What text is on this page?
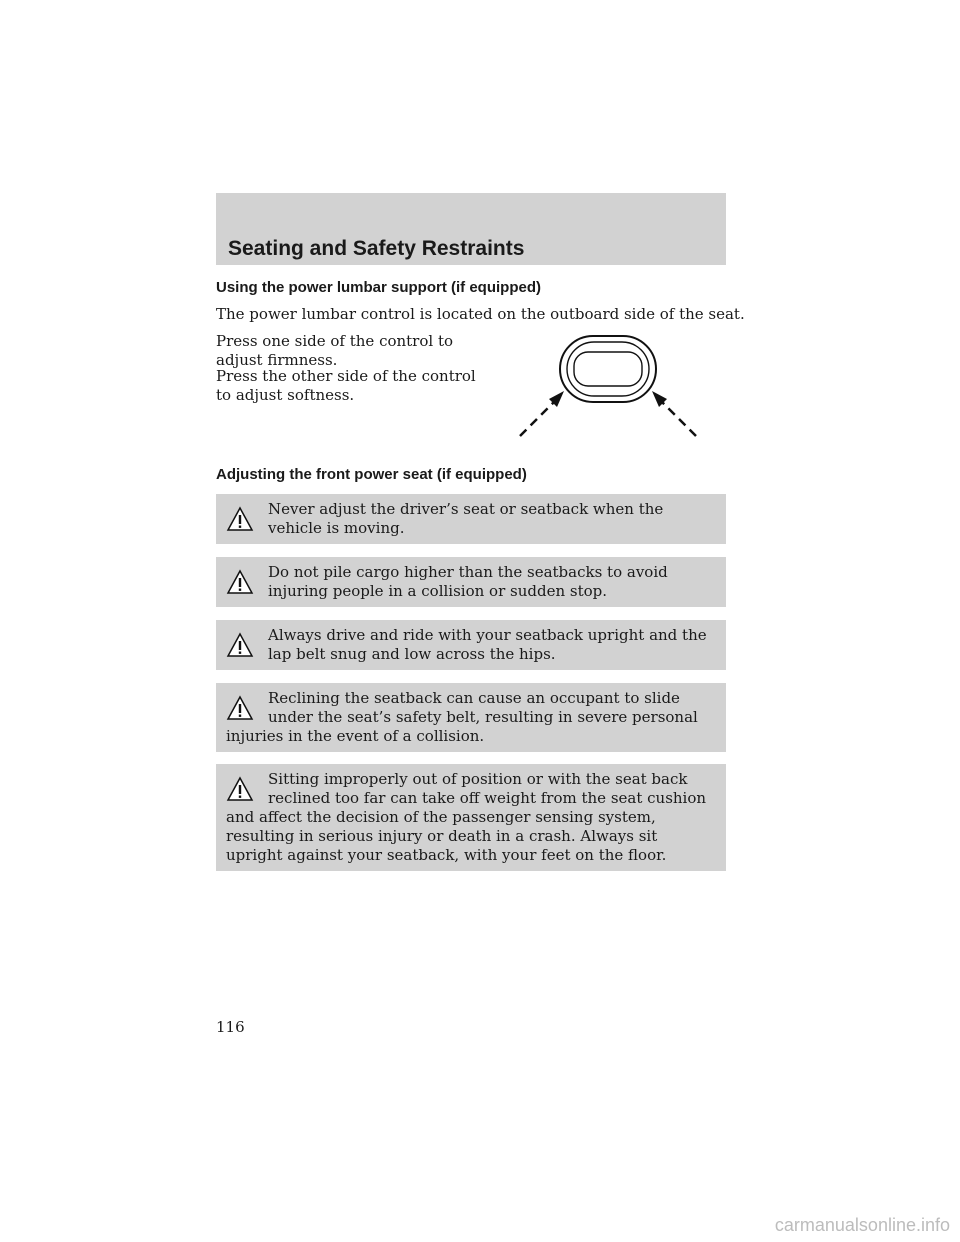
Seating and Safety Restraints
Using the power lumbar support (if equipped)
The power lumbar control is located on the outboard side of the seat.
Press one side of the control to
adjust firmness.
Press the other side of the control
to adjust softness.
Adjusting the front power seat (if equipped)
Never adjust the driver’s seat or seatback when the vehicle is moving.
Do not pile cargo higher than the seatbacks to avoid injuring people in a collision or sudden stop.
Always drive and ride with your seatback upright and the lap belt snug and low across the hips.
Reclining the seatback can cause an occupant to slide under the seat’s safety belt, resulting in severe personal injuries in the event of a collision.
Sitting improperly out of position or with the seat back reclined too far can take off weight from the seat cushion and affect the decision of the passenger sensing system, resulting in serious injury or death in a crash. Always sit upright against your seatback, with your feet on the floor.
116
carmanualsonline.info
